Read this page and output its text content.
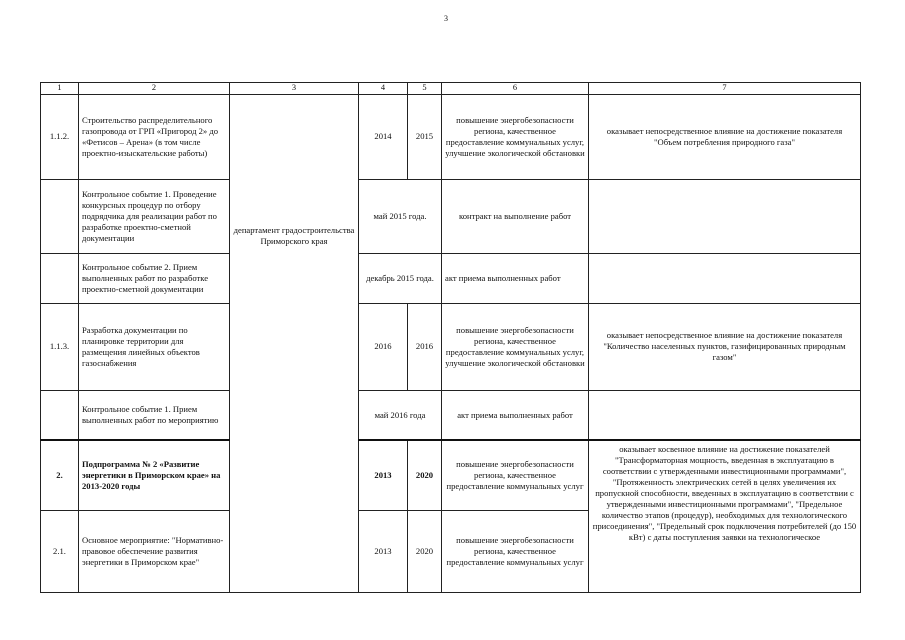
3
1	2	3	4	5	6	7
1.1.2.	Строительство распределительного газопровода от ГРП «Пригород 2» до «Фетисов – Арена» (в том числе проектно-изыскательские работы)	департамент градостроительства Приморского края	2014	2015	повышение энергобезопасности региона, качественное предоставление коммунальных услуг, улучшение экологической обстановки	оказывает непосредственное влияние на достижение показателя "Объем потребления природного газа"
	Контрольное событие 1. Проведение конкурсных процедур по отбору подрядчика для реализации работ по разработке проектно-сметной документации		май 2015 года.		контракт на выполнение работ	
	Контрольное событие 2. Прием выполненных работ по разработке проектно-сметной документации		декабрь 2015 года.		акт приема выполненных работ	
1.1.3.	Разработка документации по планировке территории для размещения линейных объектов газоснабжения		2016	2016	повышение энергобезопасности региона, качественное предоставление коммунальных услуг, улучшение экологической обстановки	оказывает непосредственное влияние на достижение показателя "Количество населенных пунктов, газифицированных природным газом"
	Контрольное событие 1. Прием выполненных работ по мероприятию		май 2016 года		акт приема выполненных работ	
2.	Подпрограмма № 2 «Развитие энергетики в Приморском крае» на 2013-2020 годы		2013	2020	повышение энергобезопасности региона, качественное предоставление коммунальных услуг	оказывает косвенное влияние на достижение показателей "Трансформаторная мощность, введенная в эксплуатацию в соответствии с утвержденными инвестиционными программами", "Протяженность электрических сетей в целях увеличения их пропускной способности, введенных в эксплуатацию в соответствии с утвержденными инвестиционными программами", "Предельное количество этапов (процедур), необходимых для технологического присоединения", "Предельный срок подключения потребителей (до 150 кВт) с даты поступления заявки на технологическое
2.1.	Основное мероприятие: "Нормативно-правовое обеспечение развития энергетики в Приморском крае"		2013	2020	повышение энергобезопасности региона, качественное предоставление коммунальных услуг	
